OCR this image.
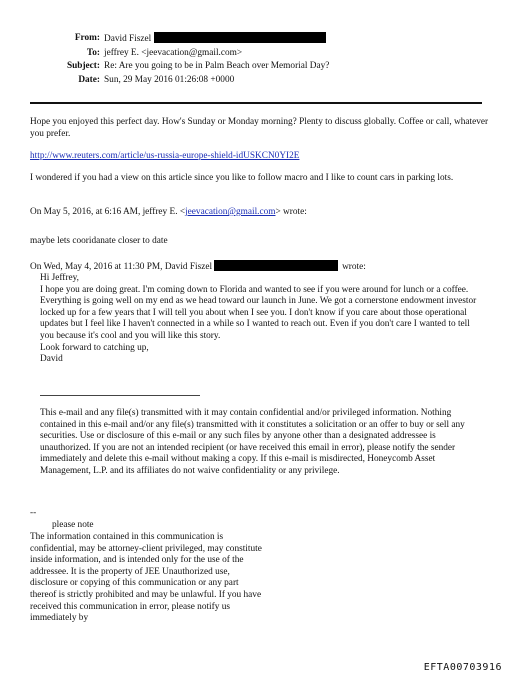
From: David Fiszel
To: jeffrey E. <jeevacation@gmail.com>
Subject: Re: Are you going to be in Palm Beach over Memorial Day?
Date: Sun, 29 May 2016 01:26:08 +0000
Hope you enjoyed this perfect day. How's Sunday or Monday morning? Plenty to discuss globally. Coffee or call, whatever you prefer.
http://www.reuters.com/article/us-russia-europe-shield-idUSKCN0YI2E
I wondered if you had a view on this article since you like to follow macro and I like to count cars in parking lots.
On May 5, 2016, at 6:16 AM, jeffrey E. <jeevacation@gmail.com> wrote:
maybe lets cooridanate closer to date
On Wed, May 4, 2016 at 11:30 PM, David Fiszel	wrote:
Hi Jeffrey,
I hope you are doing great. I'm coming down to Florida and wanted to see if you were around for lunch or a coffee.
Everything is going well on my end as we head toward our launch in June. We got a cornerstone endowment investor locked up for a few years that I will tell you about when I see you. I don't know if you care about those operational updates but I feel like I haven't connected in a while so I wanted to reach out. Even if you don't care I wanted to tell you because it's cool and you will like this story.
Look forward to catching up,
David
This e-mail and any file(s) transmitted with it may contain confidential and/or privileged information. Nothing contained in this e-mail and/or any file(s) transmitted with it constitutes a solicitation or an offer to buy or sell any securities. Use or disclosure of this e-mail or any such files by anyone other than a designated addressee is unauthorized. If you are not an intended recipient (or have received this email in error), please notify the sender immediately and delete this e-mail without making a copy. If this e-mail is misdirected, Honeycomb Asset Management, L.P. and its affiliates do not waive confidentiality or any privilege.
--
please note
The information contained in this communication is confidential, may be attorney-client privileged, may constitute inside information, and is intended only for the use of the addressee. It is the property of JEE Unauthorized use, disclosure or copying of this communication or any part thereof is strictly prohibited and may be unlawful. If you have received this communication in error, please notify us immediately by
EFTA00703916
